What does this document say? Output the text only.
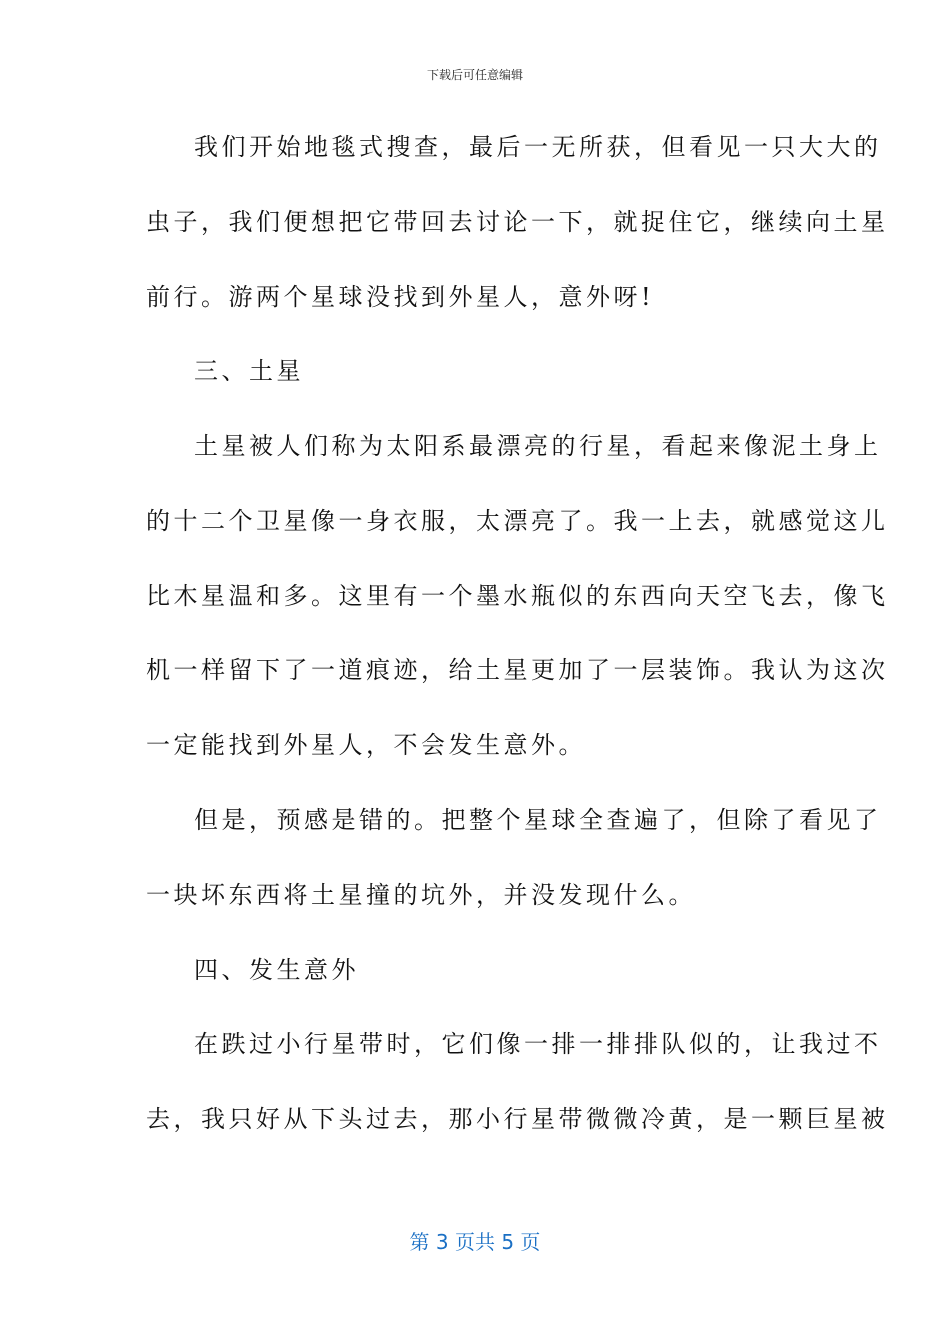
下载后可任意编辑
我们开始地毯式搜查，最后一无所获，但看见一只大大的
虫子，我们便想把它带回去讨论一下，就捉住它，继续向土星
前行。游两个星球没找到外星人，意外呀!
三、土星
土星被人们称为太阳系最漂亮的行星，看起来像泥土身上
的十二个卫星像一身衣服，太漂亮了。我一上去，就感觉这儿
比木星温和多。这里有一个墨水瓶似的东西向天空飞去，像飞
机一样留下了一道痕迹，给土星更加了一层装饰。我认为这次
一定能找到外星人，不会发生意外。
但是，预感是错的。把整个星球全查遍了，但除了看见了
一块坏东西将土星撞的坑外，并没发现什么。
四、发生意外
在跌过小行星带时，它们像一排一排排队似的，让我过不
去，我只好从下头过去，那小行星带微微冷黄，是一颗巨星被
第 3 页共 5 页
